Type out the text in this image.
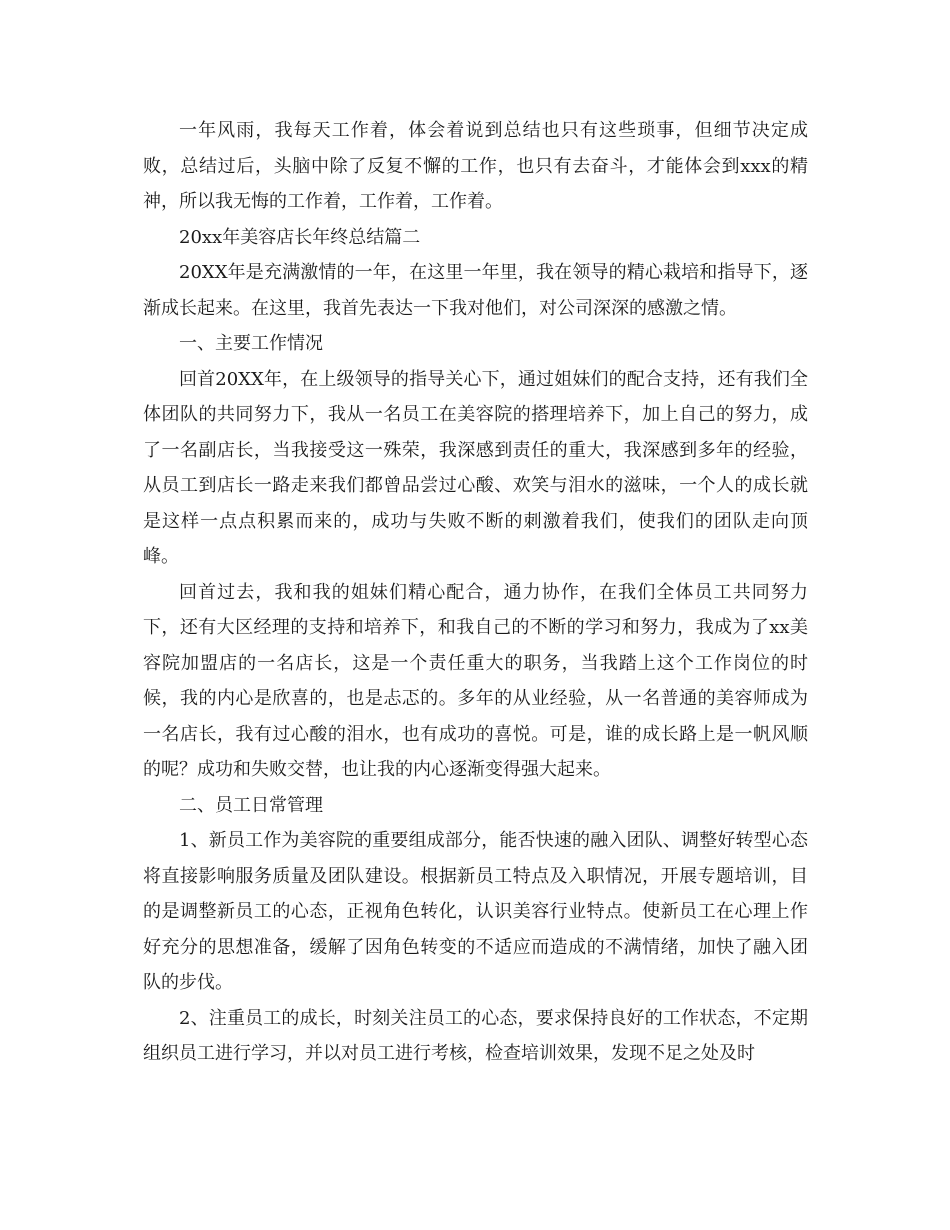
一年风雨，我每天工作着，体会着说到总结也只有这些琐事，但细节决定成败，总结过后，头脑中除了反复不懈的工作，也只有去奋斗，才能体会到xxx的精神，所以我无悔的工作着，工作着，工作着。

20xx年美容店长年终总结篇二

20XX年是充满激情的一年，在这里一年里，我在领导的精心栽培和指导下，逐渐成长起来。在这里，我首先表达一下我对他们，对公司深深的感激之情。

一、主要工作情况

回首20XX年，在上级领导的指导关心下，通过姐妹们的配合支持，还有我们全体团队的共同努力下，我从一名员工在美容院的搭理培养下，加上自己的努力，成了一名副店长，当我接受这一殊荣，我深感到责任的重大，我深感到多年的经验，从员工到店长一路走来我们都曾品尝过心酸、欢笑与泪水的滋味，一个人的成长就是这样一点点积累而来的，成功与失败不断的刺激着我们，使我们的团队走向顶峰。

回首过去，我和我的姐妹们精心配合，通力协作，在我们全体员工共同努力下，还有大区经理的支持和培养下，和我自己的不断的学习和努力，我成为了xx美容院加盟店的一名店长，这是一个责任重大的职务，当我踏上这个工作岗位的时候，我的内心是欣喜的，也是忐忑的。多年的从业经验，从一名普通的美容师成为一名店长，我有过心酸的泪水，也有成功的喜悦。可是，谁的成长路上是一帆风顺的呢？成功和失败交替，也让我的内心逐渐变得强大起来。

二、员工日常管理

1、新员工作为美容院的重要组成部分，能否快速的融入团队、调整好转型心态将直接影响服务质量及团队建设。根据新员工特点及入职情况，开展专题培训，目的是调整新员工的心态，正视角色转化，认识美容行业特点。使新员工在心理上作好充分的思想准备，缓解了因角色转变的不适应而造成的不满情绪，加快了融入团队的步伐。

2、注重员工的成长，时刻关注员工的心态，要求保持良好的工作状态，不定期组织员工进行学习，并以对员工进行考核，检查培训效果，发现不足之处及时
